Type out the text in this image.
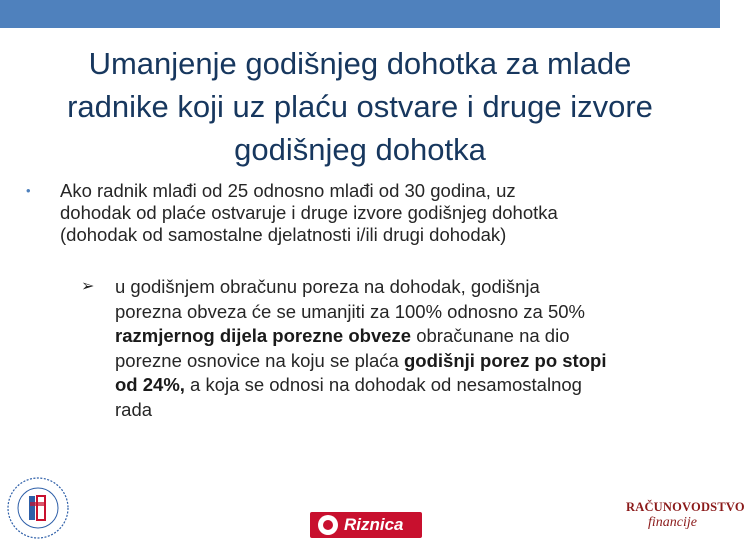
Umanjenje godišnjeg dohotka za mlade
radnike koji uz plaću ostvare i druge izvore
godišnjeg dohotka
•	Ako radnik mlađi od 25 odnosno mlađi od 30 godina, uz
dohodak od plaće ostvaruje i druge izvore godišnjeg dohotka
(dohodak od samostalne djelatnosti i/ili drugi dohodak)
➢ u godišnjem obračunu poreza na dohodak, godišnja
porezna obveza će se umanjiti za 100% odnosno za 50%
razmjernog dijela porezne obveze obračunane na dio
porezne osnovice na koju se plaća godišnji porez po stopi
od 24%, a koja se odnosi na dohodak od nesamostalnog
rada
Riznica
RAČUNOVODSTVO
financije
